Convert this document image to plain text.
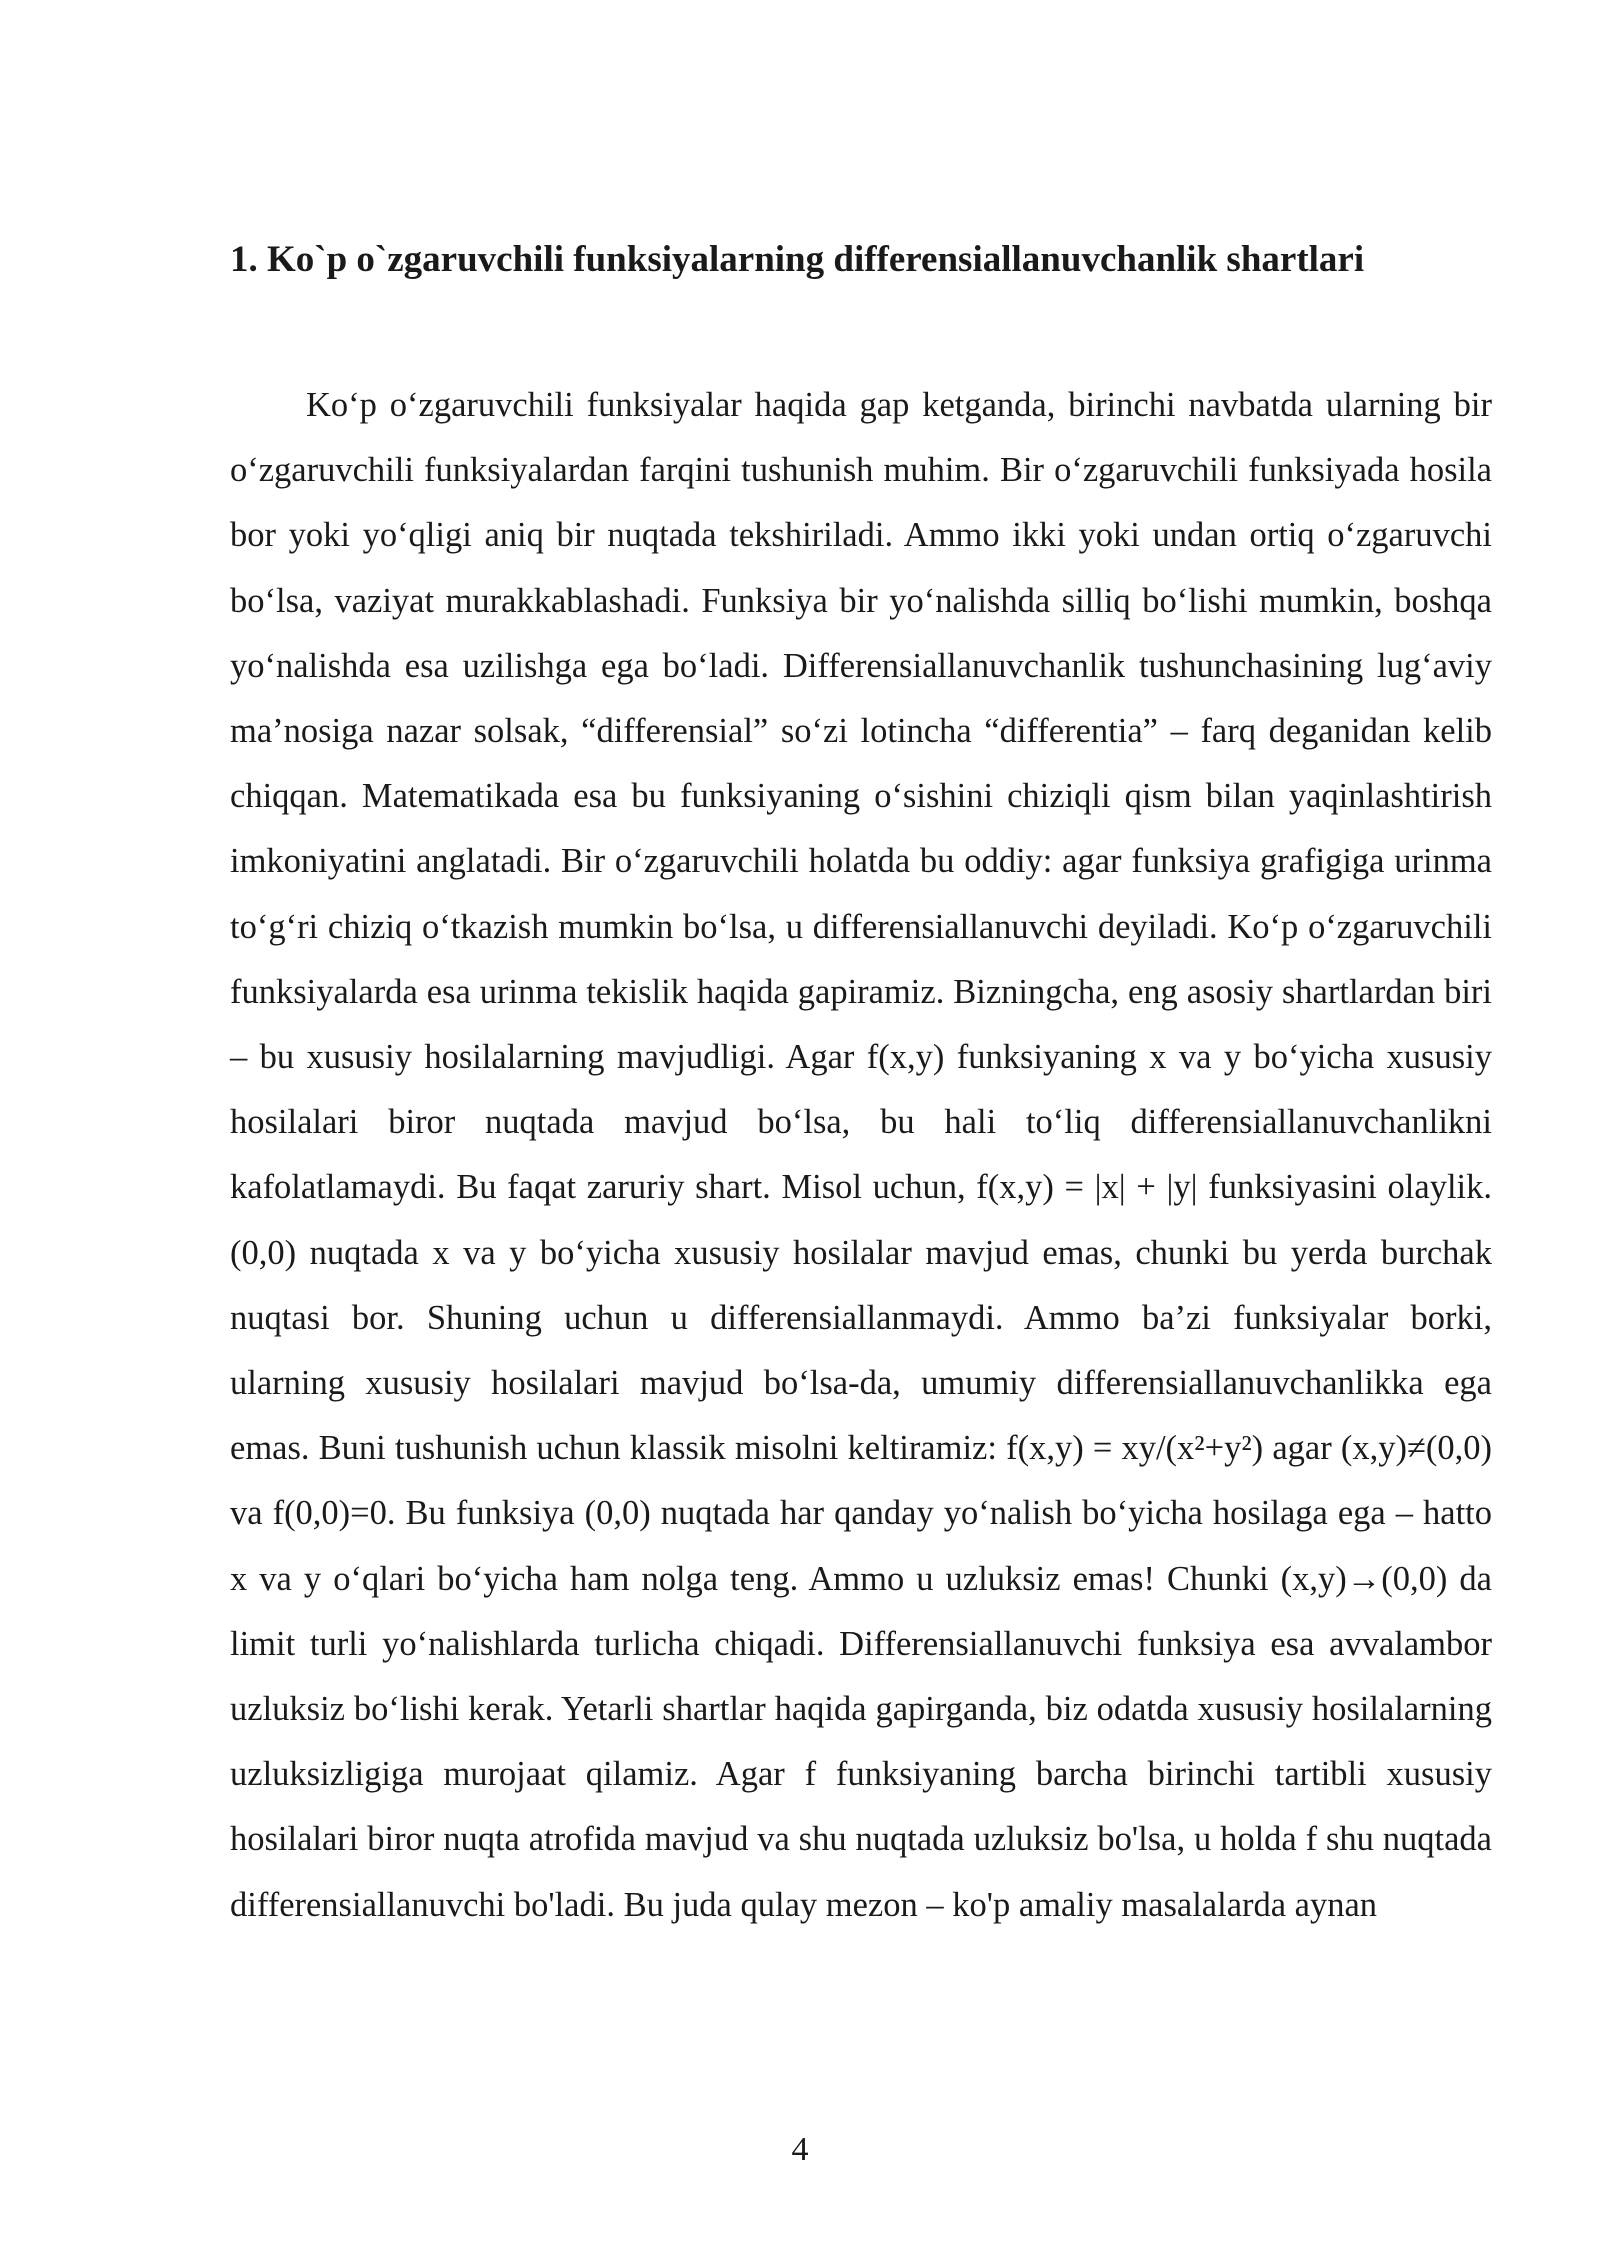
1. Ko`p o`zgaruvchili funksiyalarning differensiallanuvchanlik shartlari

Ko‘p o‘zgaruvchili funksiyalar haqida gap ketganda, birinchi navbatda ularning bir o‘zgaruvchili funksiyalardan farqini tushunish muhim. Bir o‘zgaruvchili funksiyada hosila bor yoki yo‘qligi aniq bir nuqtada tekshiriladi. Ammo ikki yoki undan ortiq o‘zgaruvchi bo‘lsa, vaziyat murakkablashadi. Funksiya bir yo‘nalishda silliq bo‘lishi mumkin, boshqa yo‘nalishda esa uzilishga ega bo‘ladi. Differensiallanuvchanlik tushunchasining lug‘aviy ma’nosiga nazar solsak, “differensial” so‘zi lotincha “differentia” – farq deganidan kelib chiqqan. Matematikada esa bu funksiyaning o‘sishini chiziqli qism bilan yaqinlashtirish imkoniyatini anglatadi. Bir o‘zgaruvchili holatda bu oddiy: agar funksiya grafigiga urinma to‘g‘ri chiziq o‘tkazish mumkin bo‘lsa, u differensiallanuvchi deyiladi. Ko‘p o‘zgaruvchili funksiyalarda esa urinma tekislik haqida gapiramiz. Bizningcha, eng asosiy shartlardan biri – bu xususiy hosilalarning mavjudligi. Agar f(x,y) funksiyaning x va y bo‘yicha xususiy hosilalari biror nuqtada mavjud bo‘lsa, bu hali to‘liq differensiallanuvchanlikni kafolatlamaydi. Bu faqat zaruriy shart. Misol uchun, f(x,y) = |x| + |y| funksiyasini olaylik. (0,0) nuqtada x va y bo‘yicha xususiy hosilalar mavjud emas, chunki bu yerda burchak nuqtasi bor. Shuning uchun u differensiallanmaydi. Ammo ba’zi funksiyalar borki, ularning xususiy hosilalari mavjud bo‘lsa-da, umumiy differensiallanuvchanlikka ega emas. Buni tushunish uchun klassik misolni keltiramiz: f(x,y) = xy/(x²+y²) agar (x,y)≠(0,0) va f(0,0)=0. Bu funksiya (0,0) nuqtada har qanday yo‘nalish bo‘yicha hosilaga ega – hatto x va y o‘qlari bo‘yicha ham nolga teng. Ammo u uzluksiz emas! Chunki (x,y)→(0,0) da limit turli yo‘nalishlarda turlicha chiqadi. Differensiallanuvchi funksiya esa avvalambor uzluksiz bo‘lishi kerak. Yetarli shartlar haqida gapirganda, biz odatda xususiy hosilalarning uzluksizligiga murojaat qilamiz. Agar f funksiyaning barcha birinchi tartibli xususiy hosilalari biror nuqta atrofida mavjud va shu nuqtada uzluksiz bo'lsa, u holda f shu nuqtada differensiallanuvchi bo'ladi. Bu juda qulay mezon – ko'p amaliy masalalarda aynan

4
